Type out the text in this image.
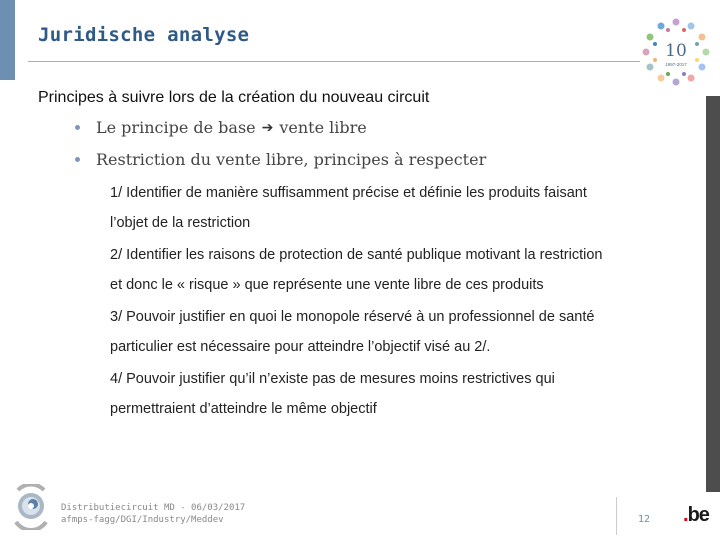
Juridische analyse
10
1997-2017
Principes à suivre lors de la création du nouveau circuit
Le principe de base ➔ vente libre
Restriction du vente libre, principes à respecter
1/ Identifier de manière suffisamment précise et définie les produits faisant
l’objet de la restriction
2/ Identifier les raisons de protection de santé publique motivant la restriction
et donc le « risque » que représente une vente libre de ces produits
3/ Pouvoir justifier en quoi le monopole réservé à un professionnel de santé
particulier est nécessaire pour atteindre l’objectif visé au 2/.
4/ Pouvoir justifier qu’il n’existe pas de mesures moins restrictives qui
permettraient d’atteindre le même objectif
Distributiecircuit MD - 06/03/2017
afmps-fagg/DGI/Industry/Meddev	12 .be
